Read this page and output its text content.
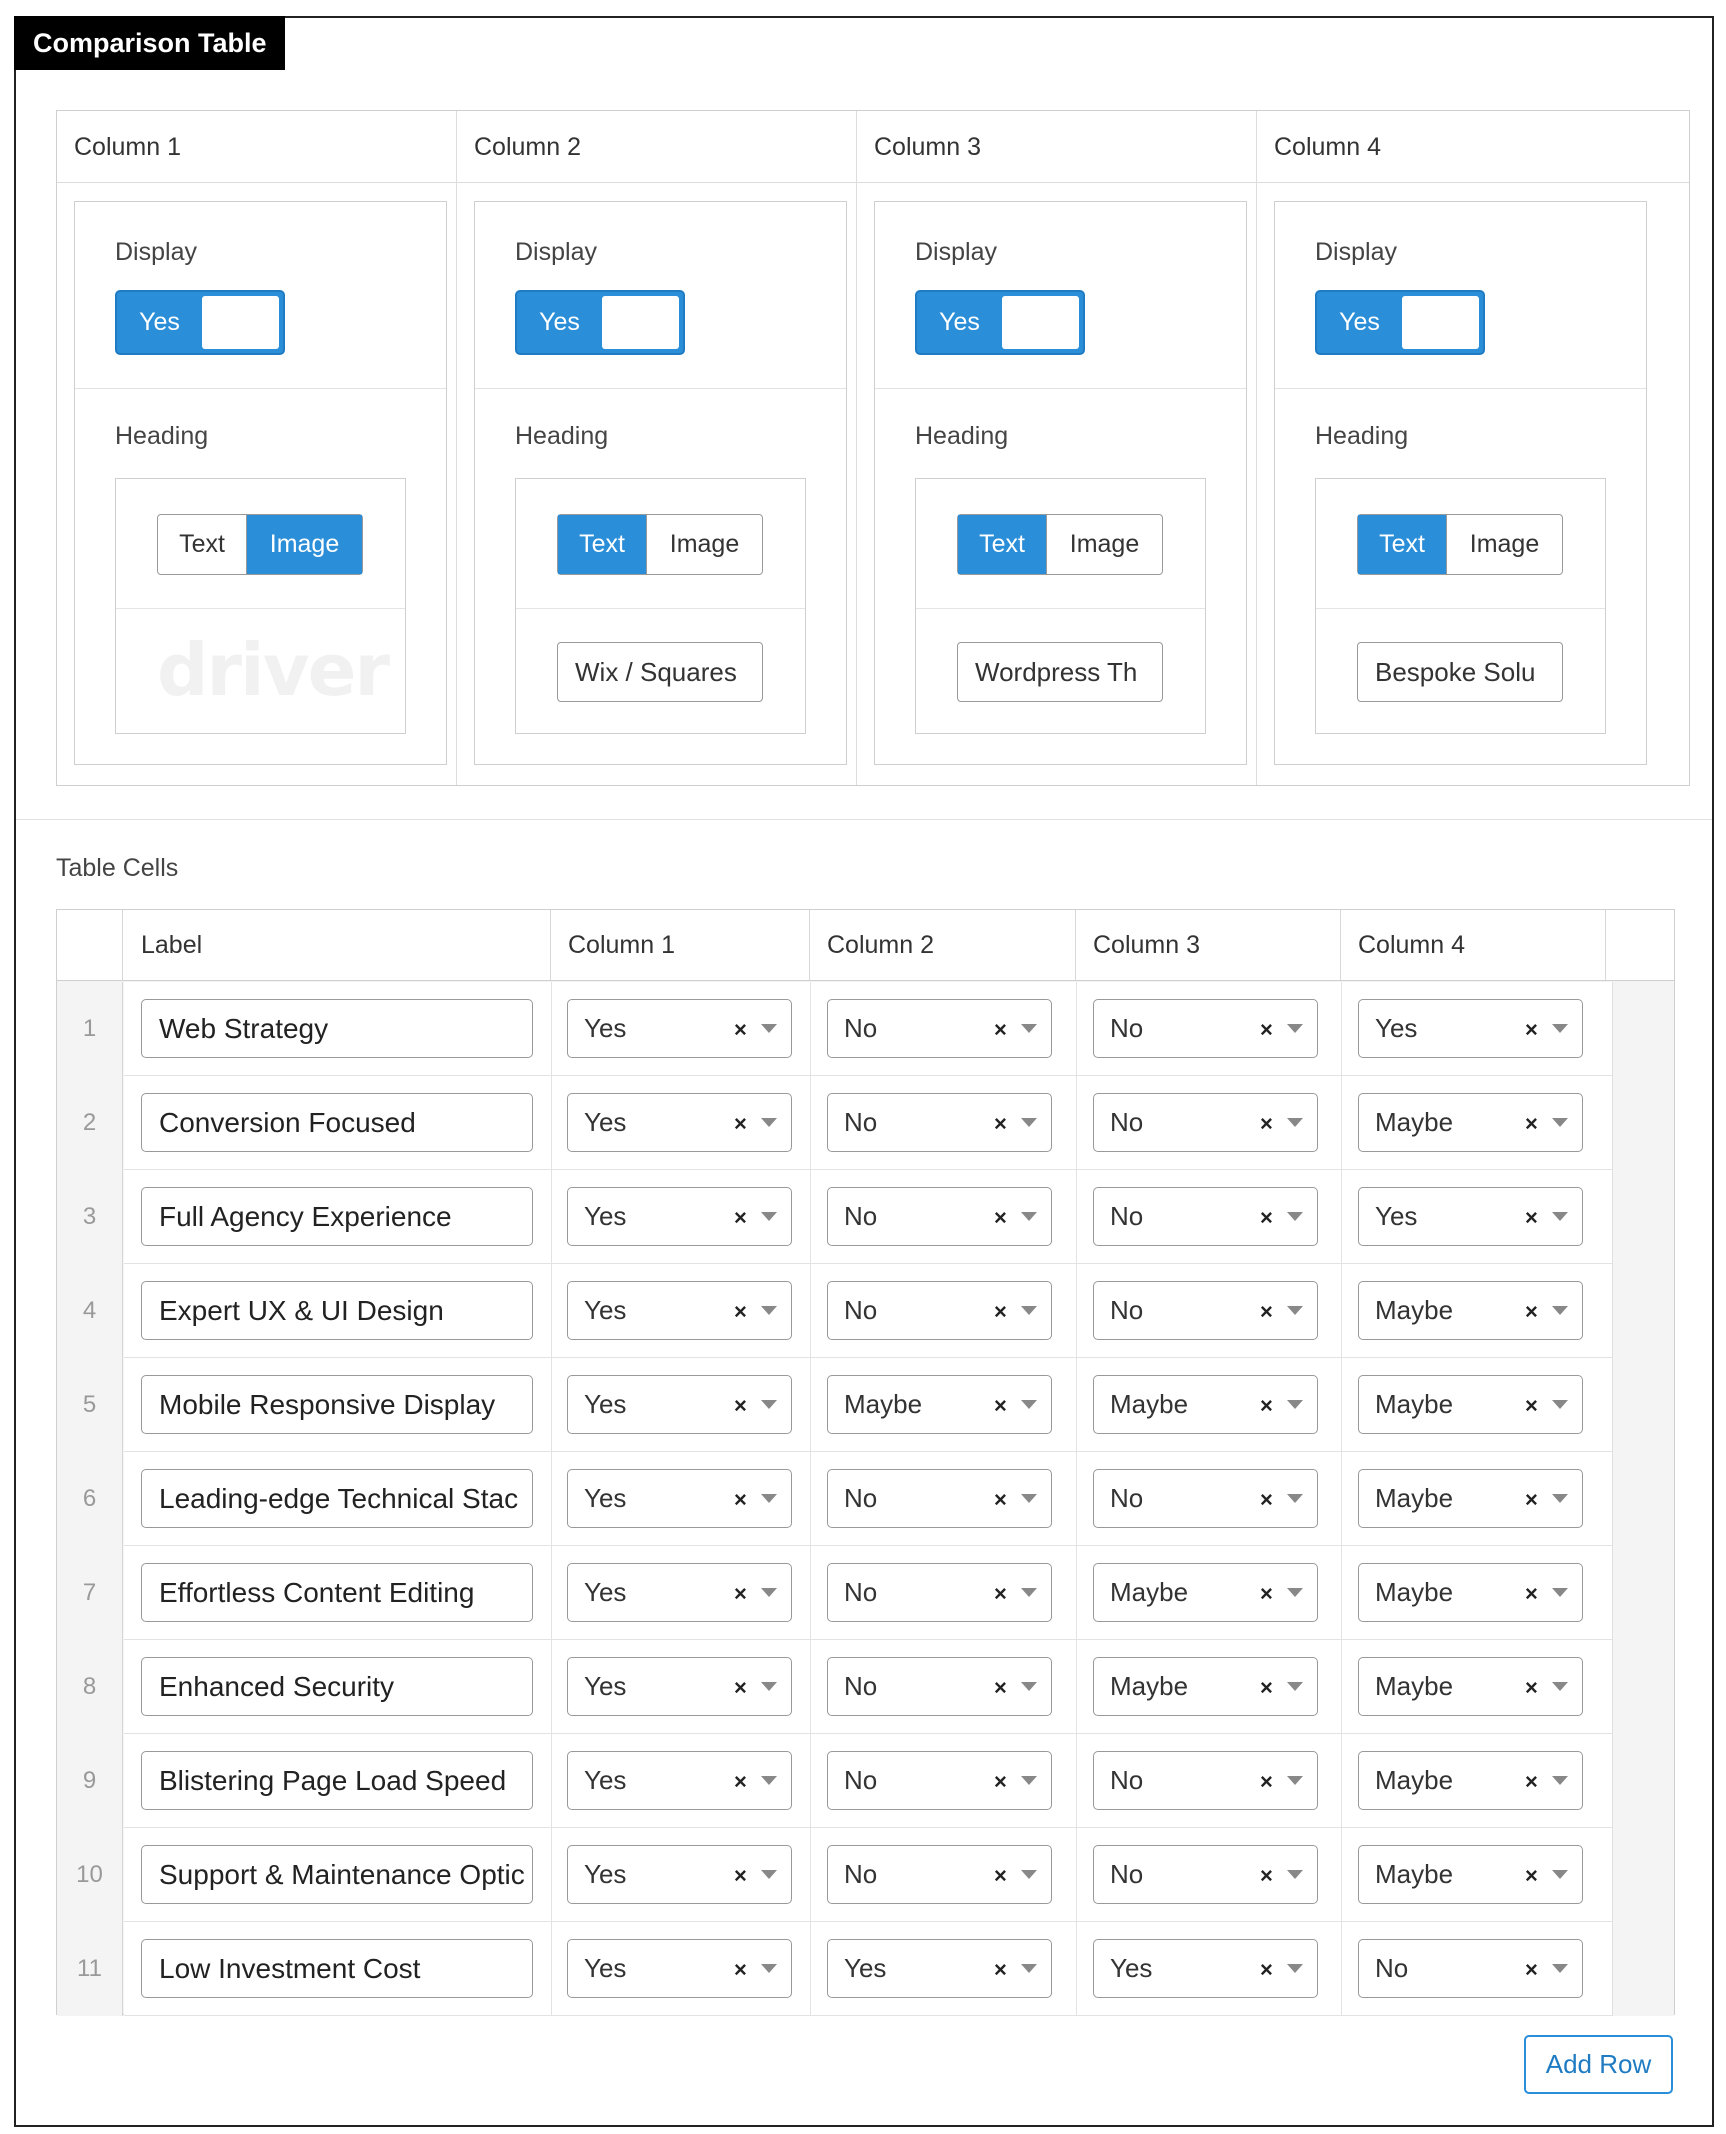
Comparison Table
Column 1
Display
Yes
Heading
Text	Image
driver
Column 2
Display
Yes
Heading
Text	Image
Wix / Squares
Column 3
Display
Yes
Heading
Text	Image
Wordpress Th
Column 4
Display
Yes
Heading
Text	Image
Bespoke Solu
Table Cells
Label	Column 1	Column 2	Column 3	Column 4
1	Web Strategy	Yes	×	No	×	No	×	Yes	×
2	Conversion Focused	Yes	×	No	×	No	×	Maybe	×
3	Full Agency Experience	Yes	×	No	×	No	×	Yes	×
4	Expert UX & UI Design	Yes	×	No	×	No	×	Maybe	×
5	Mobile Responsive Display	Yes	×	Maybe	×	Maybe	×	Maybe	×
6	Leading-edge Technical Stac	Yes	×	No	×	No	×	Maybe	×
7	Effortless Content Editing	Yes	×	No	×	Maybe	×	Maybe	×
8	Enhanced Security	Yes	×	No	×	Maybe	×	Maybe	×
9	Blistering Page Load Speed	Yes	×	No	×	No	×	Maybe	×
10	Support & Maintenance Optic	Yes	×	No	×	No	×	Maybe	×
11	Low Investment Cost	Yes	×	Yes	×	Yes	×	No	×
Add Row
